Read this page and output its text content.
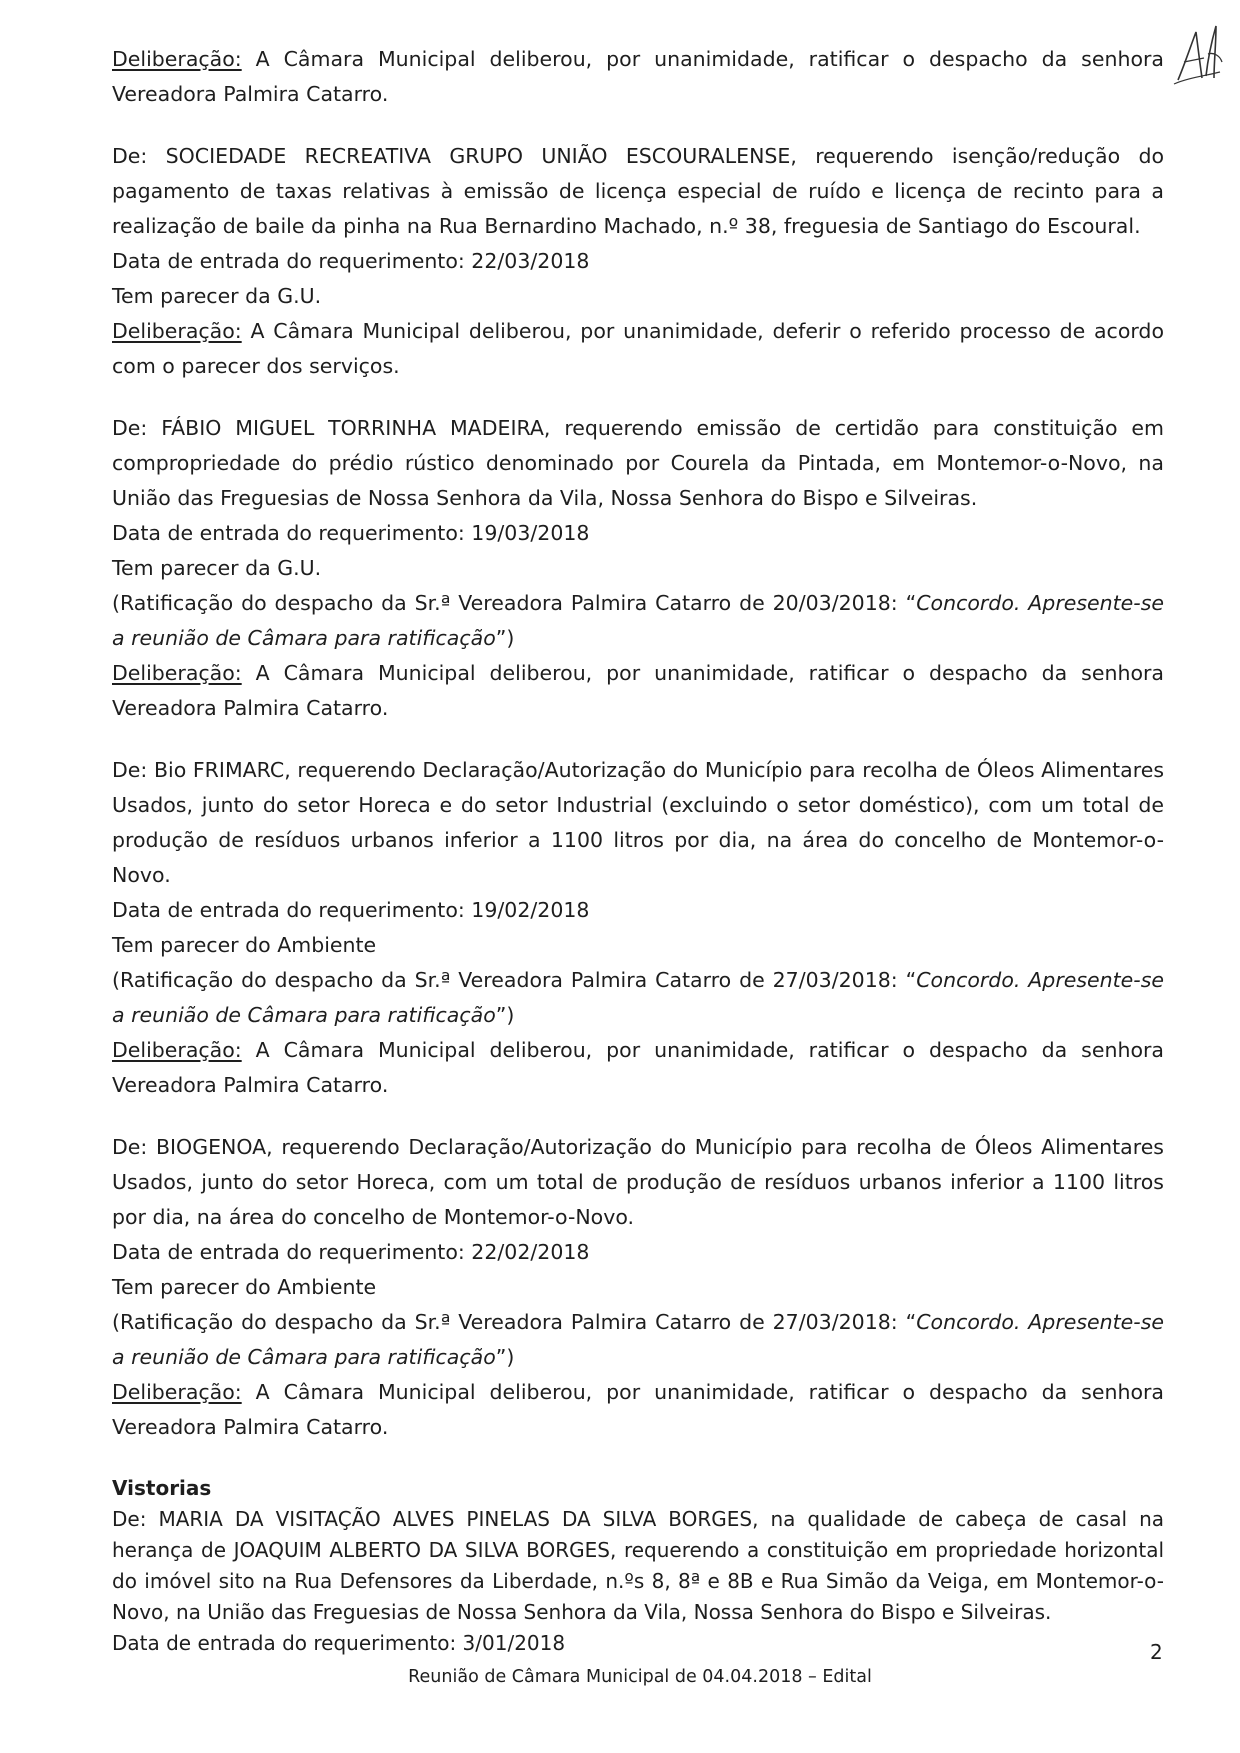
Deliberação: A Câmara Municipal deliberou, por unanimidade, ratificar o despacho da senhora Vereadora Palmira Catarro.

De: SOCIEDADE RECREATIVA GRUPO UNIÃO ESCOURALENSE, requerendo isenção/redução do pagamento de taxas relativas à emissão de licença especial de ruído e licença de recinto para a realização de baile da pinha na Rua Bernardino Machado, n.º 38, freguesia de Santiago do Escoural.

Data de entrada do requerimento: 22/03/2018

Tem parecer da G.U.

Deliberação: A Câmara Municipal deliberou, por unanimidade, deferir o referido processo de acordo com o parecer dos serviços.

De: FÁBIO MIGUEL TORRINHA MADEIRA, requerendo emissão de certidão para constituição em compropriedade do prédio rústico denominado por Courela da Pintada, em Montemor-o-Novo, na União das Freguesias de Nossa Senhora da Vila, Nossa Senhora do Bispo e Silveiras.

Data de entrada do requerimento: 19/03/2018

Tem parecer da G.U.

(Ratificação do despacho da Sr.ª Vereadora Palmira Catarro de 20/03/2018: “Concordo. Apresente-se a reunião de Câmara para ratificação”)

Deliberação: A Câmara Municipal deliberou, por unanimidade, ratificar o despacho da senhora Vereadora Palmira Catarro.

De: Bio FRIMARC, requerendo Declaração/Autorização do Município para recolha de Óleos Alimentares Usados, junto do setor Horeca e do setor Industrial (excluindo o setor doméstico), com um total de produção de resíduos urbanos inferior a 1100 litros por dia, na área do concelho de Montemor-o-Novo.

Data de entrada do requerimento: 19/02/2018

Tem parecer do Ambiente

(Ratificação do despacho da Sr.ª Vereadora Palmira Catarro de 27/03/2018: “Concordo. Apresente-se a reunião de Câmara para ratificação”)

Deliberação: A Câmara Municipal deliberou, por unanimidade, ratificar o despacho da senhora Vereadora Palmira Catarro.

De: BIOGENOA, requerendo Declaração/Autorização do Município para recolha de Óleos Alimentares Usados, junto do setor Horeca, com um total de produção de resíduos urbanos inferior a 1100 litros por dia, na área do concelho de Montemor-o-Novo.

Data de entrada do requerimento: 22/02/2018

Tem parecer do Ambiente

(Ratificação do despacho da Sr.ª Vereadora Palmira Catarro de 27/03/2018: “Concordo. Apresente-se a reunião de Câmara para ratificação”)

Deliberação: A Câmara Municipal deliberou, por unanimidade, ratificar o despacho da senhora Vereadora Palmira Catarro.

Vistorias

De: MARIA DA VISITAÇÃO ALVES PINELAS DA SILVA BORGES, na qualidade de cabeça de casal na herança de JOAQUIM ALBERTO DA SILVA BORGES, requerendo a constituição em propriedade horizontal do imóvel sito na Rua Defensores da Liberdade, n.ºs 8, 8ª e 8B e Rua Simão da Veiga, em Montemor-o-Novo, na União das Freguesias de Nossa Senhora da Vila, Nossa Senhora do Bispo e Silveiras.

Data de entrada do requerimento: 3/01/2018	2
Reunião de Câmara Municipal de 04.04.2018 – Edital
